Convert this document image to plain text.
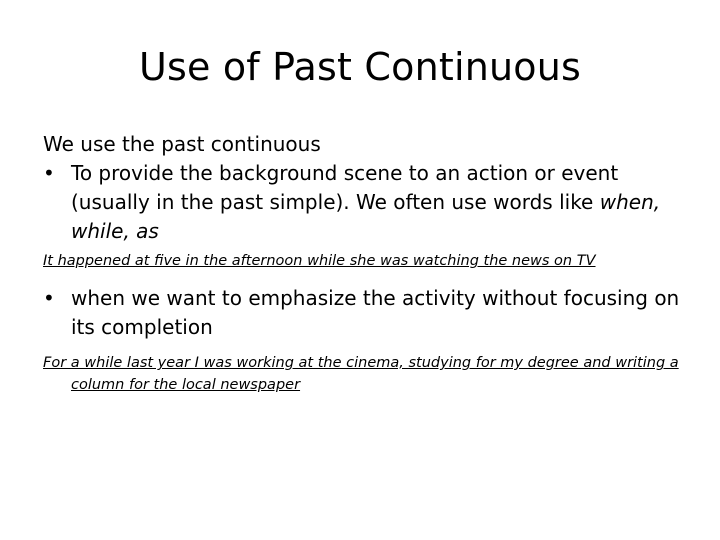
Use of Past Continuous

We use the past continuous

• To provide the background scene to an action or event (usually in the past simple). We often use words like when, while, as

It happened at five in the afternoon while she was watching the news on TV

• when we want to emphasize the activity without focusing on its completion

For a while last year I was working at the cinema, studying for my degree and writing a column for the local newspaper
